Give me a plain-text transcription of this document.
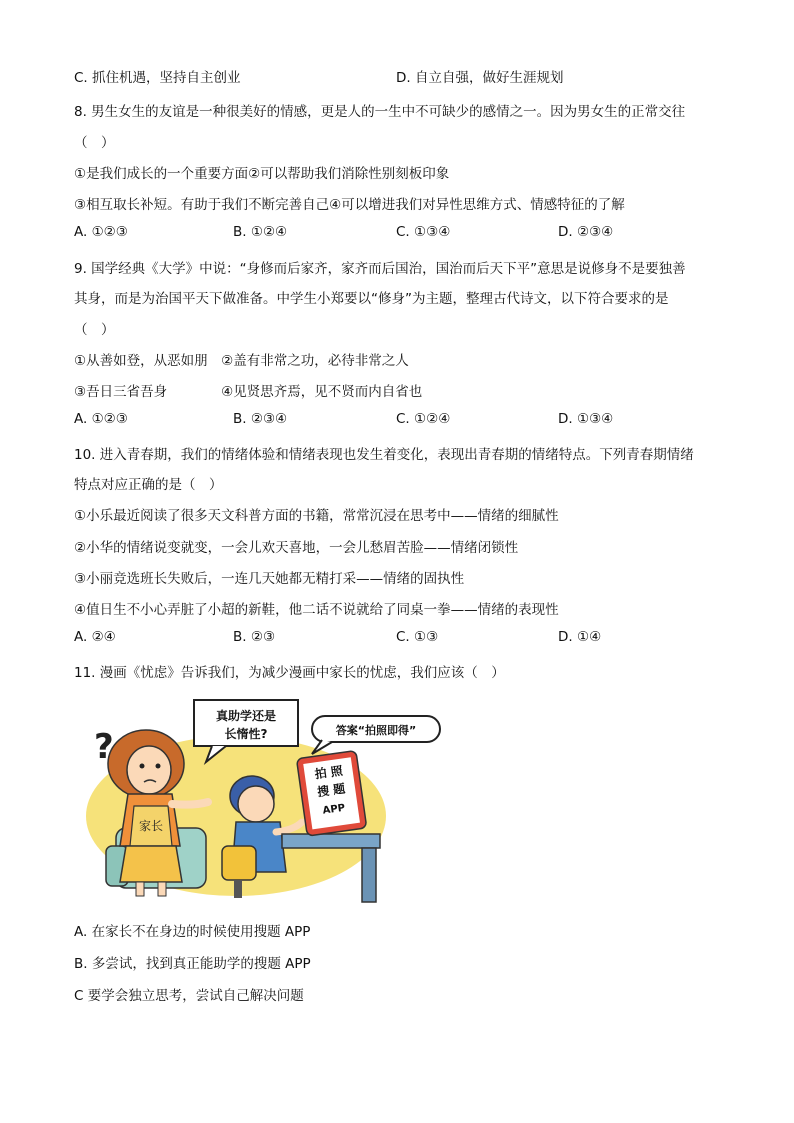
C. 抓住机遇，坚持自主创业	D. 自立自强，做好生涯规划
8. 男生女生的友谊是一种很美好的情感，更是人的一生中不可缺少的感情之一。因为男女生的正常交往
（　）
①是我们成长的一个重要方面②可以帮助我们消除性别刻板印象
③相互取长补短。有助于我们不断完善自己④可以增进我们对异性思维方式、情感特征的了解
A. ①②③	B. ①②④	C. ①③④	D. ②③④
9. 国学经典《大学》中说：“身修而后家齐，家齐而后国治，国治而后天下平”意思是说修身不是要独善
其身，而是为治国平天下做准备。中学生小郑要以“修身”为主题，整理古代诗文，以下符合要求的是
（　）
①从善如登，从恶如朋　②盖有非常之功，必待非常之人
③吾日三省吾身　　　　④见贤思齐焉，见不贤而内自省也
A. ①②③	B. ②③④	C. ①②④	D. ①③④
10. 进入青春期，我们的情绪体验和情绪表现也发生着变化，表现出青春期的情绪特点。下列青春期情绪
特点对应正确的是（　）
①小乐最近阅读了很多天文科普方面的书籍，常常沉浸在思考中——情绪的细腻性
②小华的情绪说变就变，一会儿欢天喜地，一会儿愁眉苦脸——情绪闭锁性
③小丽竞选班长失败后，一连几天她都无精打采——情绪的固执性
④值日生不小心弄脏了小超的新鞋，他二话不说就给了同桌一拳——情绪的表现性
A. ②④	B. ②③	C. ①③	D. ①④
11. 漫画《忧虑》告诉我们，为减少漫画中家长的忧虑，我们应该（　）
家长
?
真助学还是
长惰性?	答案“拍照即得”
拍 照
搜 题
APP
A. 在家长不在身边的时候使用搜题 APP
B. 多尝试，找到真正能助学的搜题 APP
C 要学会独立思考，尝试自己解决问题
